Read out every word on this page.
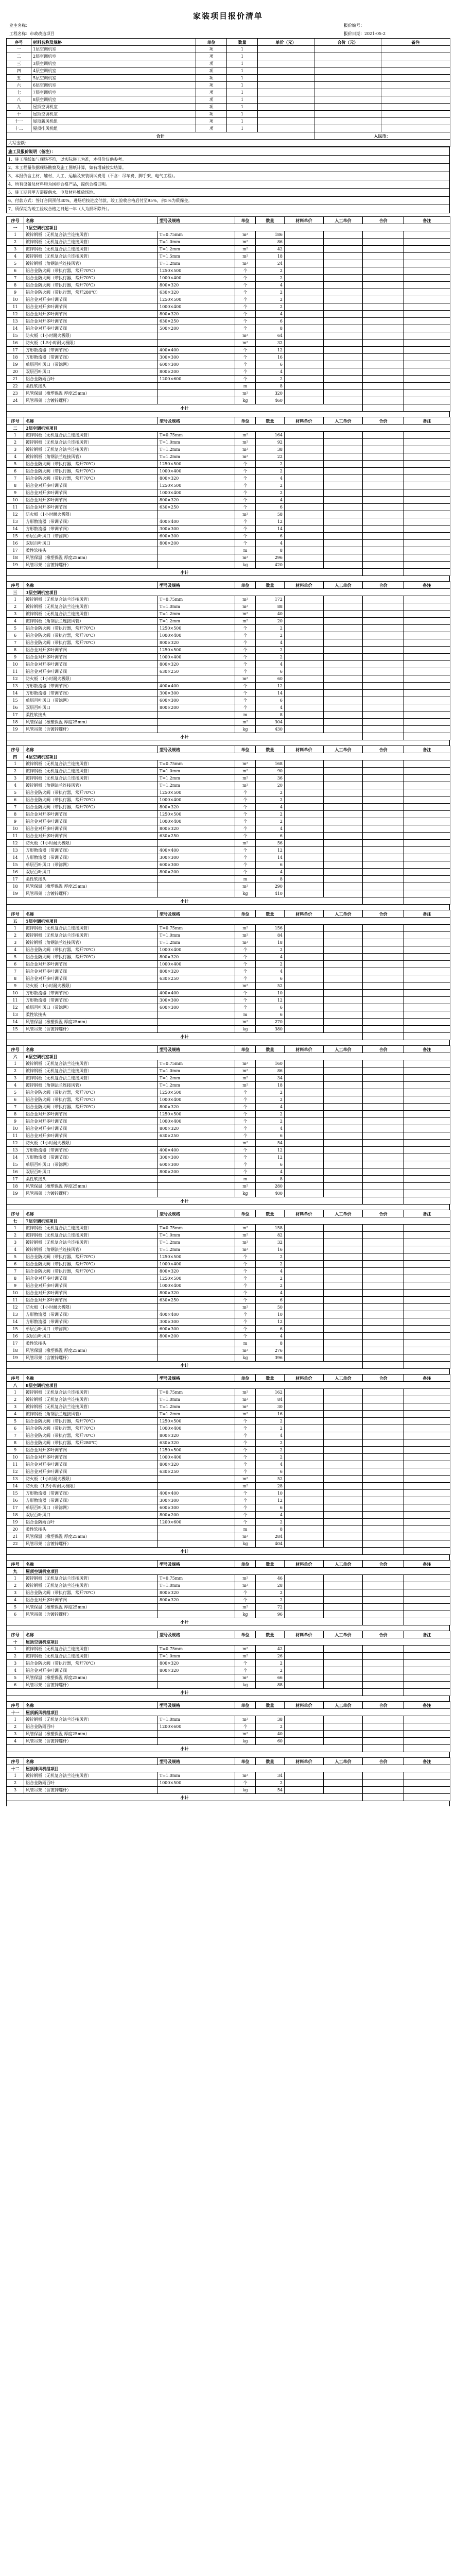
家装项目报价清单
业主名称：	报价编号：
工程名称：市政改造项目	报价日期：2021-05-2
序号	材料名称及规格	单位	数量	单价（元）	合价（元）	备注
一	1层空调机室	项	1			
二	2层空调机室	项	1			
三	3层空调机室	项	1			
四	4层空调机室	项	1			
五	5层空调机室	项	1			
六	6层空调机室	项	1			
七	7层空调机室	项	1			
八	8层空调机室	项	1			
九	屋顶空调机室	项	1			
十	屋顶空调机室	项	1			
十一	屋顶新风机组	项	1			
十二	屋顶排风机组	项	1			
合计					人民币：	
大写金额：						
施工及报价说明（备注）：
1、施工图纸如与现场不符，以实际施工为准，本报价仅供参考。
2、本工程量依据现场勘察及施工图纸计算，如有增减按实结算。
3、本报价含主材、辅材、人工、运输及安装调试费用（不含：吊车费、脚手架、电气工程）。
4、所有设备及材料均为国标合格产品，提供合格证明。
5、施工期间甲方需提供水、电及材料堆放场地。
6、付款方式：签订合同预付30%，进场后按进度付款，竣工验收合格后付至95%，余5%为质保金。
7、质保期为竣工验收合格之日起一年（人为损坏除外）。
序号	名称	型号及规格	单位	数量	材料单价	人工单价	合价	备注
一	1层空调机室项目							
1	镀锌钢板（无机复合法兰连接风管）	T=0.75mm	m²	186				
2	镀锌钢板（无机复合法兰连接风管）	T=1.0mm	m²	86				
3	镀锌钢板（无机复合法兰连接风管）	T=1.2mm	m²	42				
4	镀锌钢板（无机复合法兰连接风管）	T=1.5mm	m²	18				
5	镀锌钢板（角钢法兰连接风管）	T=1.2mm	m²	24				
6	铝合金防火阀（带执行器，常开70℃）	1250×500	个	2				
7	铝合金防火阀（带执行器，常开70℃）	1000×400	个	2				
8	铝合金防火阀（带执行器，常开70℃）	800×320	个	4				
9	铝合金防火阀（带执行器，常开280℃）	630×320	个	2				
10	铝合金对开多叶调节阀	1250×500	个	2				
11	铝合金对开多叶调节阀	1000×400	个	2				
12	铝合金对开多叶调节阀	800×320	个	4				
13	铝合金对开多叶调节阀	630×250	个	6				
14	铝合金对开多叶调节阀	500×200	个	8				
15	防火板（1小时耐火极限）		m²	64				
16	防火板（1.5小时耐火极限）		m²	32				
17	方形散流器（带调节阀）	400×400	个	12				
18	方形散流器（带调节阀）	300×300	个	16				
19	单层百叶风口（带滤网）	600×300	个	6				
20	双层百叶风口	800×200	个	4				
21	铝合金防雨百叶	1200×600	个	2				
22	柔性软接头		m	8				
23	风管保温（橡塑保温 厚度25mm）		m²	320				
24	风管吊架（含镀锌螺杆）		kg	460				
小计								
序号	名称	型号及规格	单位	数量	材料单价	人工单价	合价	备注
二	2层空调机室项目							
1	镀锌钢板（无机复合法兰连接风管）	T=0.75mm	m²	164				
2	镀锌钢板（无机复合法兰连接风管）	T=1.0mm	m²	92				
3	镀锌钢板（无机复合法兰连接风管）	T=1.2mm	m²	38				
4	镀锌钢板（角钢法兰连接风管）	T=1.2mm	m²	22				
5	铝合金防火阀（带执行器，常开70℃）	1250×500	个	2				
6	铝合金防火阀（带执行器，常开70℃）	1000×400	个	2				
7	铝合金防火阀（带执行器，常开70℃）	800×320	个	4				
8	铝合金对开多叶调节阀	1250×500	个	2				
9	铝合金对开多叶调节阀	1000×400	个	2				
10	铝合金对开多叶调节阀	800×320	个	4				
11	铝合金对开多叶调节阀	630×250	个	6				
12	防火板（1小时耐火极限）		m²	58				
13	方形散流器（带调节阀）	400×400	个	12				
14	方形散流器（带调节阀）	300×300	个	14				
15	单层百叶风口（带滤网）	600×300	个	6				
16	双层百叶风口	800×200	个	4				
17	柔性软接头		m	8				
18	风管保温（橡塑保温 厚度25mm）		m²	296				
19	风管吊架（含镀锌螺杆）		kg	420				
小计								
序号	名称	型号及规格	单位	数量	材料单价	人工单价	合价	备注
三	3层空调机室项目							
1	镀锌钢板（无机复合法兰连接风管）	T=0.75mm	m²	172				
2	镀锌钢板（无机复合法兰连接风管）	T=1.0mm	m²	88				
3	镀锌钢板（无机复合法兰连接风管）	T=1.2mm	m²	40				
4	镀锌钢板（角钢法兰连接风管）	T=1.2mm	m²	20				
5	铝合金防火阀（带执行器，常开70℃）	1250×500	个	2				
6	铝合金防火阀（带执行器，常开70℃）	1000×400	个	2				
7	铝合金防火阀（带执行器，常开70℃）	800×320	个	4				
8	铝合金对开多叶调节阀	1250×500	个	2				
9	铝合金对开多叶调节阀	1000×400	个	2				
10	铝合金对开多叶调节阀	800×320	个	4				
11	铝合金对开多叶调节阀	630×250	个	6				
12	防火板（1小时耐火极限）		m²	60				
13	方形散流器（带调节阀）	400×400	个	12				
14	方形散流器（带调节阀）	300×300	个	14				
15	单层百叶风口（带滤网）	600×300	个	6				
16	双层百叶风口	800×200	个	4				
17	柔性软接头		m	8				
18	风管保温（橡塑保温 厚度25mm）		m²	304				
19	风管吊架（含镀锌螺杆）		kg	430				
小计								
序号	名称	型号及规格	单位	数量	材料单价	人工单价	合价	备注
四	4层空调机室项目							
1	镀锌钢板（无机复合法兰连接风管）	T=0.75mm	m²	168				
2	镀锌钢板（无机复合法兰连接风管）	T=1.0mm	m²	90				
3	镀锌钢板（无机复合法兰连接风管）	T=1.2mm	m²	36				
4	镀锌钢板（角钢法兰连接风管）	T=1.2mm	m²	20				
5	铝合金防火阀（带执行器，常开70℃）	1250×500	个	2				
6	铝合金防火阀（带执行器，常开70℃）	1000×400	个	2				
7	铝合金防火阀（带执行器，常开70℃）	800×320	个	4				
8	铝合金对开多叶调节阀	1250×500	个	2				
9	铝合金对开多叶调节阀	1000×400	个	2				
10	铝合金对开多叶调节阀	800×320	个	4				
11	铝合金对开多叶调节阀	630×250	个	6				
12	防火板（1小时耐火极限）		m²	56				
13	方形散流器（带调节阀）	400×400	个	12				
14	方形散流器（带调节阀）	300×300	个	14				
15	单层百叶风口（带滤网）	600×300	个	6				
16	双层百叶风口	800×200	个	4				
17	柔性软接头		m	8				
18	风管保温（橡塑保温 厚度25mm）		m²	290				
19	风管吊架（含镀锌螺杆）		kg	410				
小计								
序号	名称	型号及规格	单位	数量	材料单价	人工单价	合价	备注
五	5层空调机室项目							
1	镀锌钢板（无机复合法兰连接风管）	T=0.75mm	m²	156				
2	镀锌钢板（无机复合法兰连接风管）	T=1.0mm	m²	84				
3	镀锌钢板（角钢法兰连接风管）	T=1.2mm	m²	18				
4	铝合金防火阀（带执行器，常开70℃）	1000×400	个	2				
5	铝合金防火阀（带执行器，常开70℃）	800×320	个	4				
6	铝合金对开多叶调节阀	1000×400	个	2				
7	铝合金对开多叶调节阀	800×320	个	4				
8	铝合金对开多叶调节阀	630×250	个	6				
9	防火板（1小时耐火极限）		m²	52				
10	方形散流器（带调节阀）	400×400	个	10				
11	方形散流器（带调节阀）	300×300	个	12				
12	单层百叶风口（带滤网）	600×300	个	6				
13	柔性软接头		m	6				
14	风管保温（橡塑保温 厚度25mm）		m²	270				
15	风管吊架（含镀锌螺杆）		kg	380				
小计								
序号	名称	型号及规格	单位	数量	材料单价	人工单价	合价	备注
六	6层空调机室项目							
1	镀锌钢板（无机复合法兰连接风管）	T=0.75mm	m²	160				
2	镀锌钢板（无机复合法兰连接风管）	T=1.0mm	m²	86				
3	镀锌钢板（无机复合法兰连接风管）	T=1.2mm	m²	34				
4	镀锌钢板（角钢法兰连接风管）	T=1.2mm	m²	18				
5	铝合金防火阀（带执行器，常开70℃）	1250×500	个	2				
6	铝合金防火阀（带执行器，常开70℃）	1000×400	个	2				
7	铝合金防火阀（带执行器，常开70℃）	800×320	个	4				
8	铝合金对开多叶调节阀	1250×500	个	2				
9	铝合金对开多叶调节阀	1000×400	个	2				
10	铝合金对开多叶调节阀	800×320	个	4				
11	铝合金对开多叶调节阀	630×250	个	6				
12	防火板（1小时耐火极限）		m²	54				
13	方形散流器（带调节阀）	400×400	个	12				
14	方形散流器（带调节阀）	300×300	个	12				
15	单层百叶风口（带滤网）	600×300	个	6				
16	双层百叶风口	800×200	个	4				
17	柔性软接头		m	8				
18	风管保温（橡塑保温 厚度25mm）		m²	280				
19	风管吊架（含镀锌螺杆）		kg	400				
小计								
序号	名称	型号及规格	单位	数量	材料单价	人工单价	合价	备注
七	7层空调机室项目							
1	镀锌钢板（无机复合法兰连接风管）	T=0.75mm	m²	158				
2	镀锌钢板（无机复合法兰连接风管）	T=1.0mm	m²	82				
3	镀锌钢板（无机复合法兰连接风管）	T=1.2mm	m²	32				
4	镀锌钢板（角钢法兰连接风管）	T=1.2mm	m²	16				
5	铝合金防火阀（带执行器，常开70℃）	1250×500	个	2				
6	铝合金防火阀（带执行器，常开70℃）	1000×400	个	2				
7	铝合金防火阀（带执行器，常开70℃）	800×320	个	4				
8	铝合金对开多叶调节阀	1250×500	个	2				
9	铝合金对开多叶调节阀	1000×400	个	2				
10	铝合金对开多叶调节阀	800×320	个	4				
11	铝合金对开多叶调节阀	630×250	个	6				
12	防火板（1小时耐火极限）		m²	50				
13	方形散流器（带调节阀）	400×400	个	10				
14	方形散流器（带调节阀）	300×300	个	12				
15	单层百叶风口（带滤网）	600×300	个	6				
16	双层百叶风口	800×200	个	4				
17	柔性软接头		m	8				
18	风管保温（橡塑保温 厚度25mm）		m²	276				
19	风管吊架（含镀锌螺杆）		kg	396				
小计								
序号	名称	型号及规格	单位	数量	材料单价	人工单价	合价	备注
八	8层空调机室项目							
1	镀锌钢板（无机复合法兰连接风管）	T=0.75mm	m²	162				
2	镀锌钢板（无机复合法兰连接风管）	T=1.0mm	m²	84				
3	镀锌钢板（无机复合法兰连接风管）	T=1.2mm	m²	30				
4	镀锌钢板（角钢法兰连接风管）	T=1.2mm	m²	16				
5	铝合金防火阀（带执行器，常开70℃）	1250×500	个	2				
6	铝合金防火阀（带执行器，常开70℃）	1000×400	个	2				
7	铝合金防火阀（带执行器，常开70℃）	800×320	个	4				
8	铝合金防火阀（带执行器，常开280℃）	630×320	个	2				
9	铝合金对开多叶调节阀	1250×500	个	2				
10	铝合金对开多叶调节阀	1000×400	个	2				
11	铝合金对开多叶调节阀	800×320	个	4				
12	铝合金对开多叶调节阀	630×250	个	6				
13	防火板（1小时耐火极限）		m²	52				
14	防火板（1.5小时耐火极限）		m²	28				
15	方形散流器（带调节阀）	400×400	个	10				
16	方形散流器（带调节阀）	300×300	个	12				
17	单层百叶风口（带滤网）	600×300	个	6				
18	双层百叶风口	800×200	个	4				
19	铝合金防雨百叶	1200×600	个	2				
20	柔性软接头		m	8				
21	风管保温（橡塑保温 厚度25mm）		m²	284				
22	风管吊架（含镀锌螺杆）		kg	404				
小计								
序号	名称	型号及规格	单位	数量	材料单价	人工单价	合价	备注
九	屋顶空调机室项目							
1	镀锌钢板（无机复合法兰连接风管）	T=0.75mm	m²	46				
2	镀锌钢板（无机复合法兰连接风管）	T=1.0mm	m²	28				
3	铝合金防火阀（带执行器，常开70℃）	800×320	个	2				
4	铝合金对开多叶调节阀	800×320	个	2				
5	风管保温（橡塑保温 厚度25mm）		m²	72				
6	风管吊架（含镀锌螺杆）		kg	96				
小计								
序号	名称	型号及规格	单位	数量	材料单价	人工单价	合价	备注
十	屋顶空调机室项目							
1	镀锌钢板（无机复合法兰连接风管）	T=0.75mm	m²	42				
2	镀锌钢板（无机复合法兰连接风管）	T=1.0mm	m²	26				
3	铝合金防火阀（带执行器，常开70℃）	800×320	个	2				
4	铝合金对开多叶调节阀	800×320	个	2				
5	风管保温（橡塑保温 厚度25mm）		m²	66				
6	风管吊架（含镀锌螺杆）		kg	88				
小计								
序号	名称	型号及规格	单位	数量	材料单价	人工单价	合价	备注
十一	屋顶新风机组项目							
1	镀锌钢板（无机复合法兰连接风管）	T=1.0mm	m²	38				
2	铝合金防雨百叶	1200×600	个	2				
3	风管保温（橡塑保温 厚度25mm）		m²	40				
4	风管吊架（含镀锌螺杆）		kg	60				
小计								
序号	名称	型号及规格	单位	数量	材料单价	人工单价	合价	备注
十二	屋顶排风机组项目							
1	镀锌钢板（无机复合法兰连接风管）	T=1.0mm	m²	34				
2	铝合金防雨百叶	1000×500	个	2				
3	风管吊架（含镀锌螺杆）		kg	54				
小计								
